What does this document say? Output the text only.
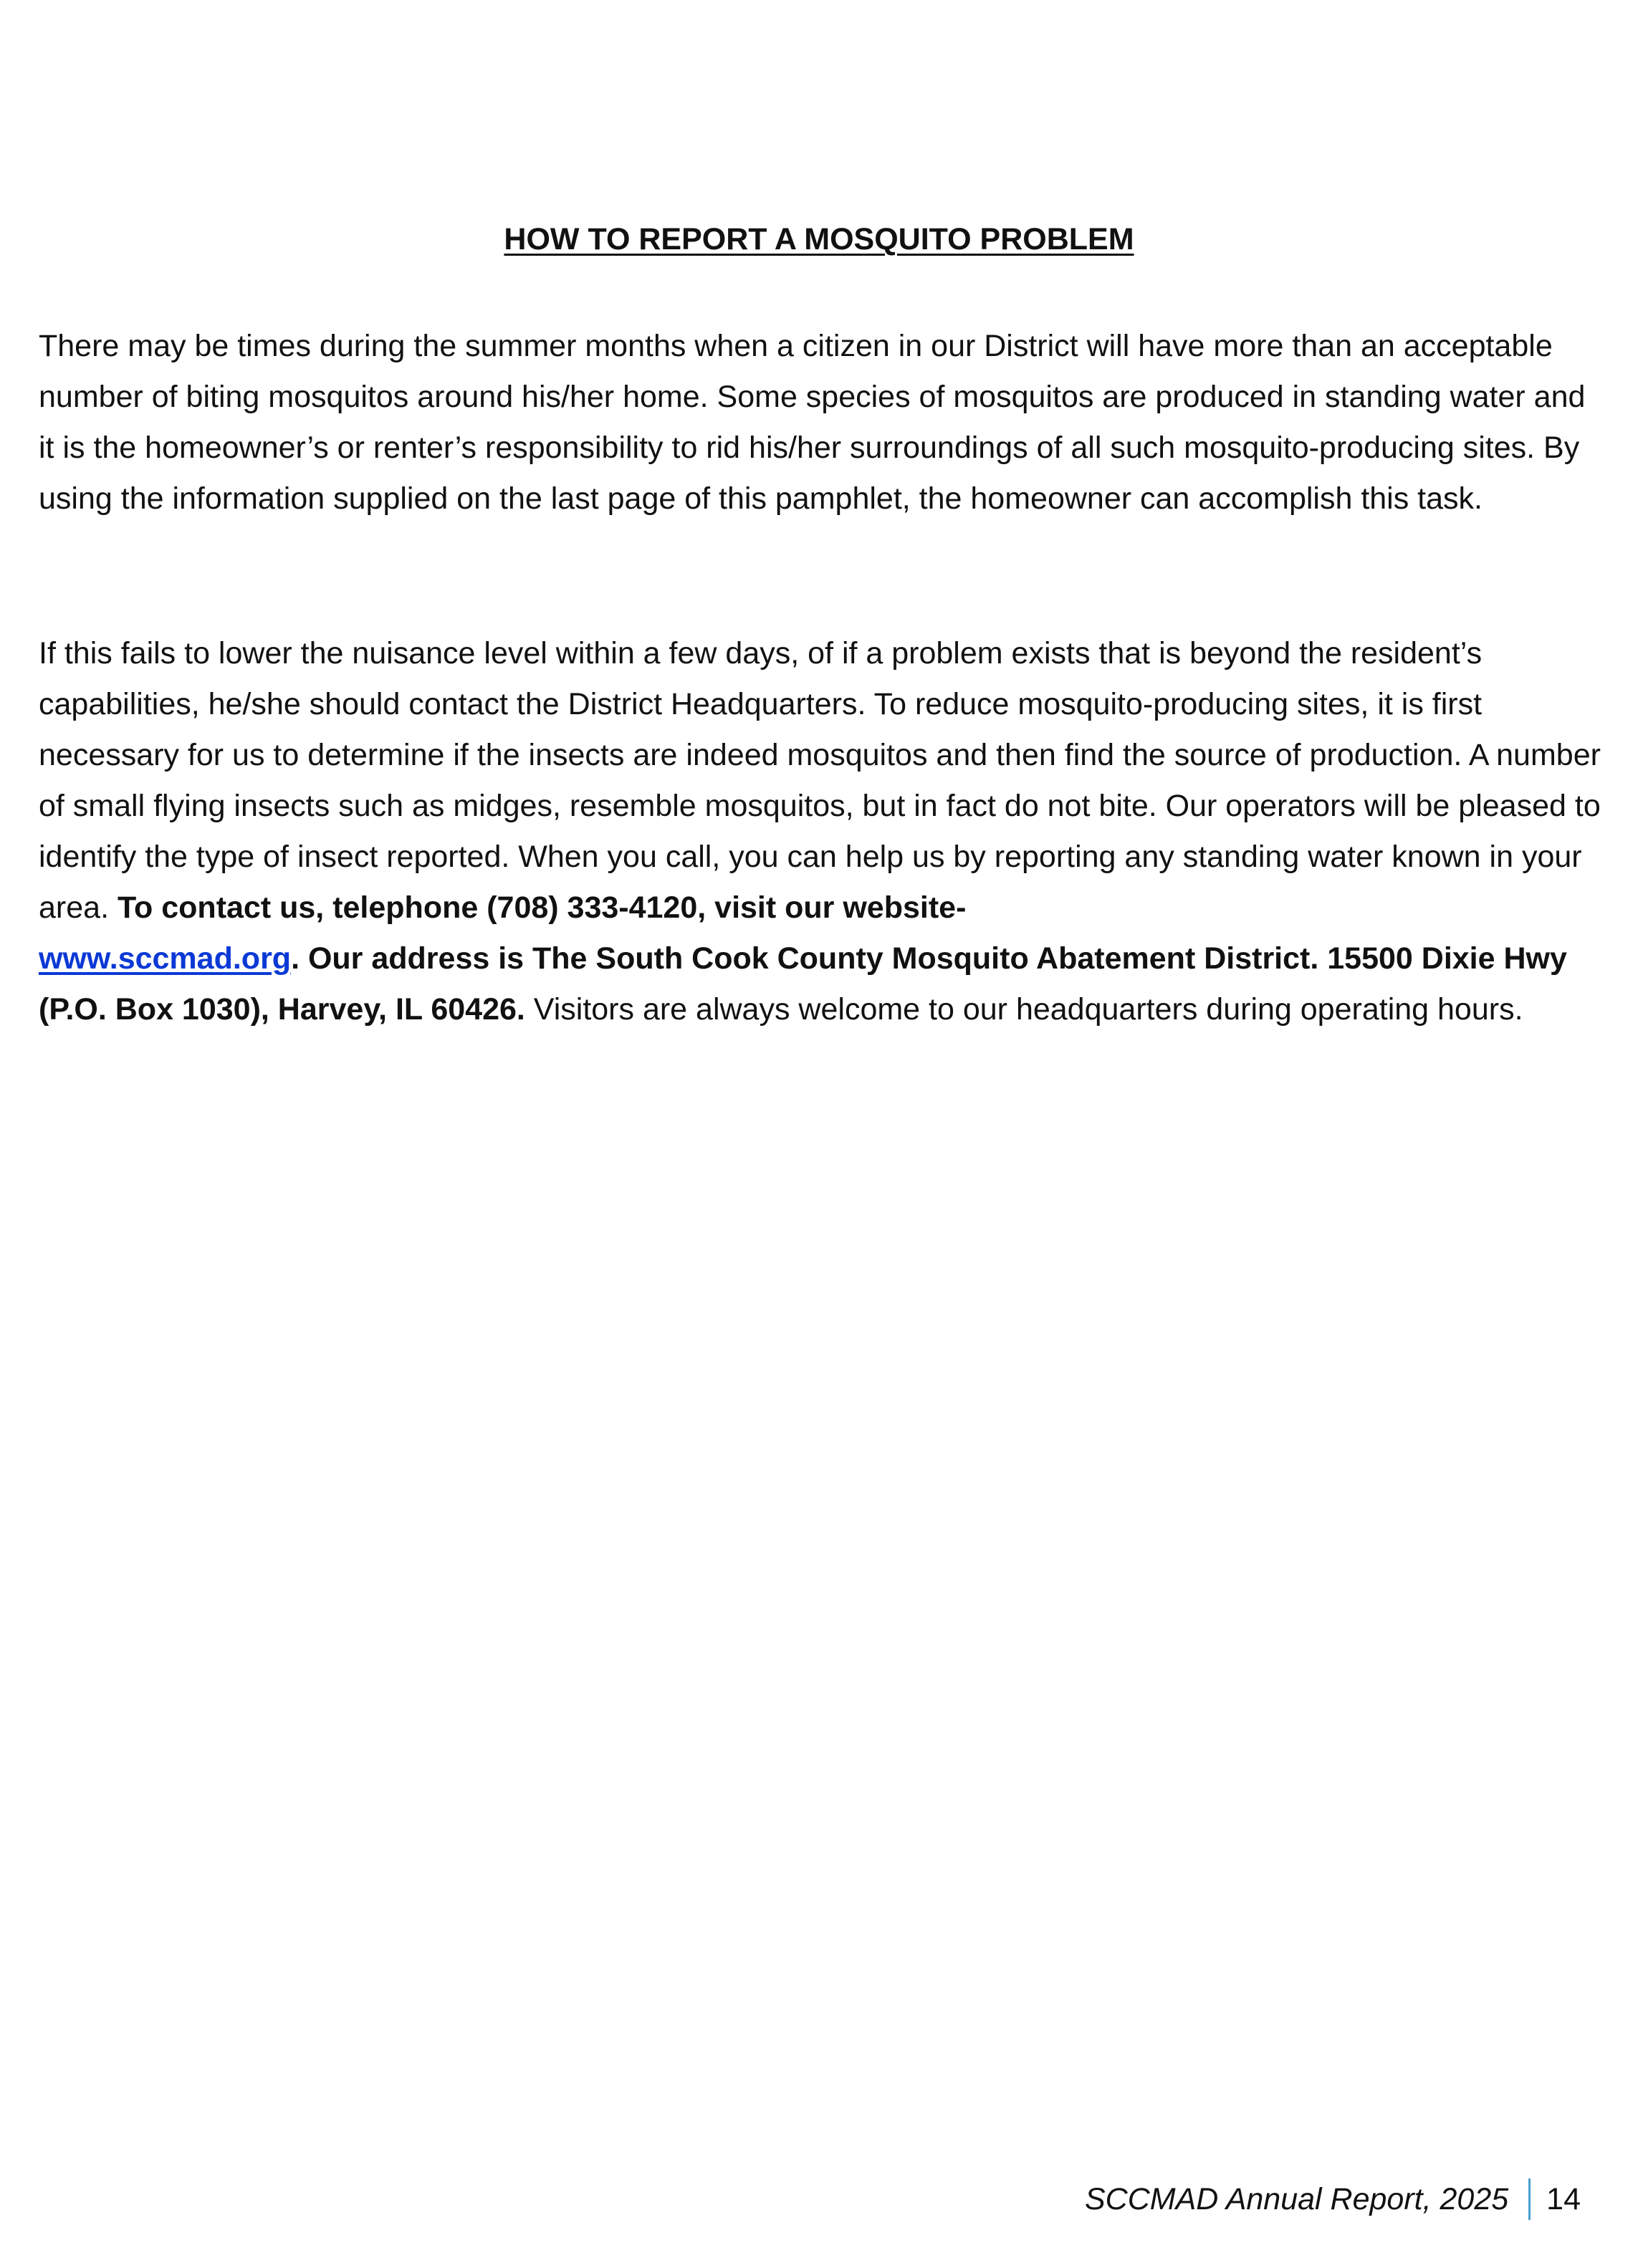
HOW TO REPORT A MOSQUITO PROBLEM

There may be times during the summer months when a citizen in our District will have more than an acceptable number of biting mosquitos around his/her home. Some species of mosquitos are produced in standing water and it is the homeowner’s or renter’s responsibility to rid his/her surroundings of all such mosquito-producing sites. By using the information supplied on the last page of this pamphlet, the homeowner can accomplish this task.

If this fails to lower the nuisance level within a few days, of if a problem exists that is beyond the resident’s capabilities, he/she should contact the District Headquarters. To reduce mosquito-producing sites, it is first necessary for us to determine if the insects are indeed mosquitos and then find the source of production. A number of small flying insects such as midges, resemble mosquitos, but in fact do not bite. Our operators will be pleased to identify the type of insect reported. When you call, you can help us by reporting any standing water known in your area. To contact us, telephone (708) 333-4120, visit our website-
www.sccmad.org. Our address is The South Cook County Mosquito Abatement District. 15500 Dixie Hwy (P.O. Box 1030), Harvey, IL 60426. Visitors are always welcome to our headquarters during operating hours.

SCCMAD Annual Report, 2025 14
